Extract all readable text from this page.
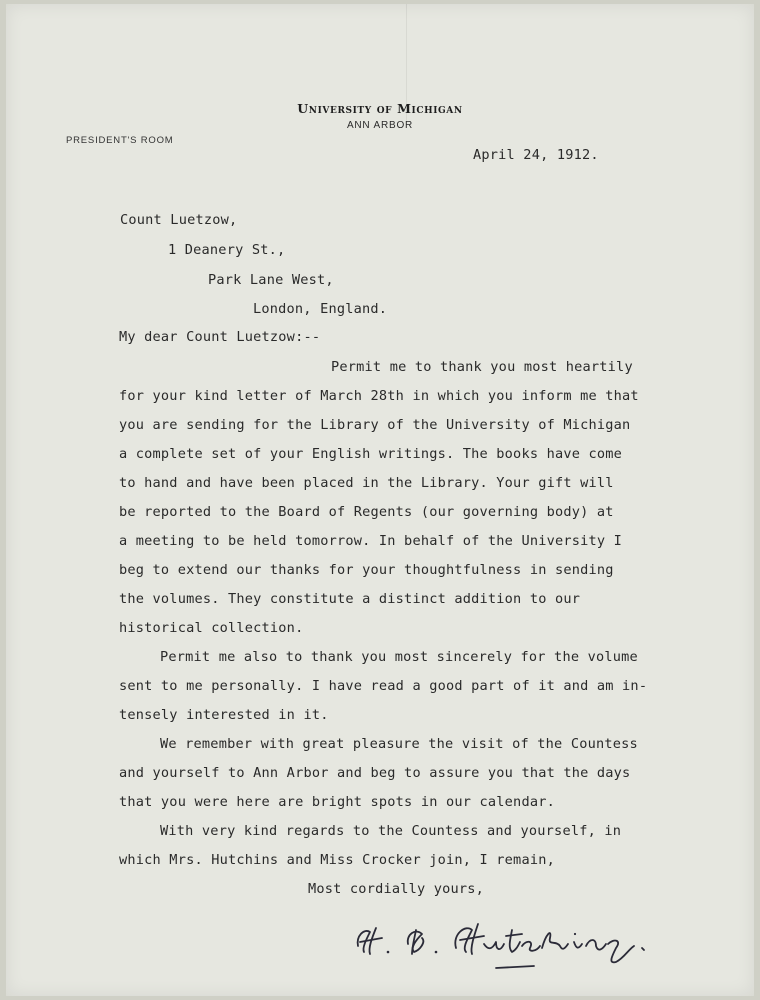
University of Michigan
ANN ARBOR
PRESIDENT'S ROOM
April 24, 1912.
Count Luetzow,
1 Deanery St.,
Park Lane West,
London, England.
My dear Count Luetzow:--
Permit me to thank you most heartily
for your kind letter of March 28th in which you inform me that
you are sending for the Library of the University of Michigan
a complete set of your English writings. The books have come
to hand and have been placed in the Library. Your gift will
be reported to the Board of Regents (our governing body) at
a meeting to be held tomorrow. In behalf of the University I
beg to extend our thanks for your thoughtfulness in sending
the volumes. They constitute a distinct addition to our
historical collection.
Permit me also to thank you most sincerely for the volume
sent to me personally. I have read a good part of it and am in-
tensely interested in it.
We remember with great pleasure the visit of the Countess
and yourself to Ann Arbor and beg to assure you that the days
that you were here are bright spots in our calendar.
With very kind regards to the Countess and yourself, in
which Mrs. Hutchins and Miss Crocker join, I remain,
Most cordially yours,
